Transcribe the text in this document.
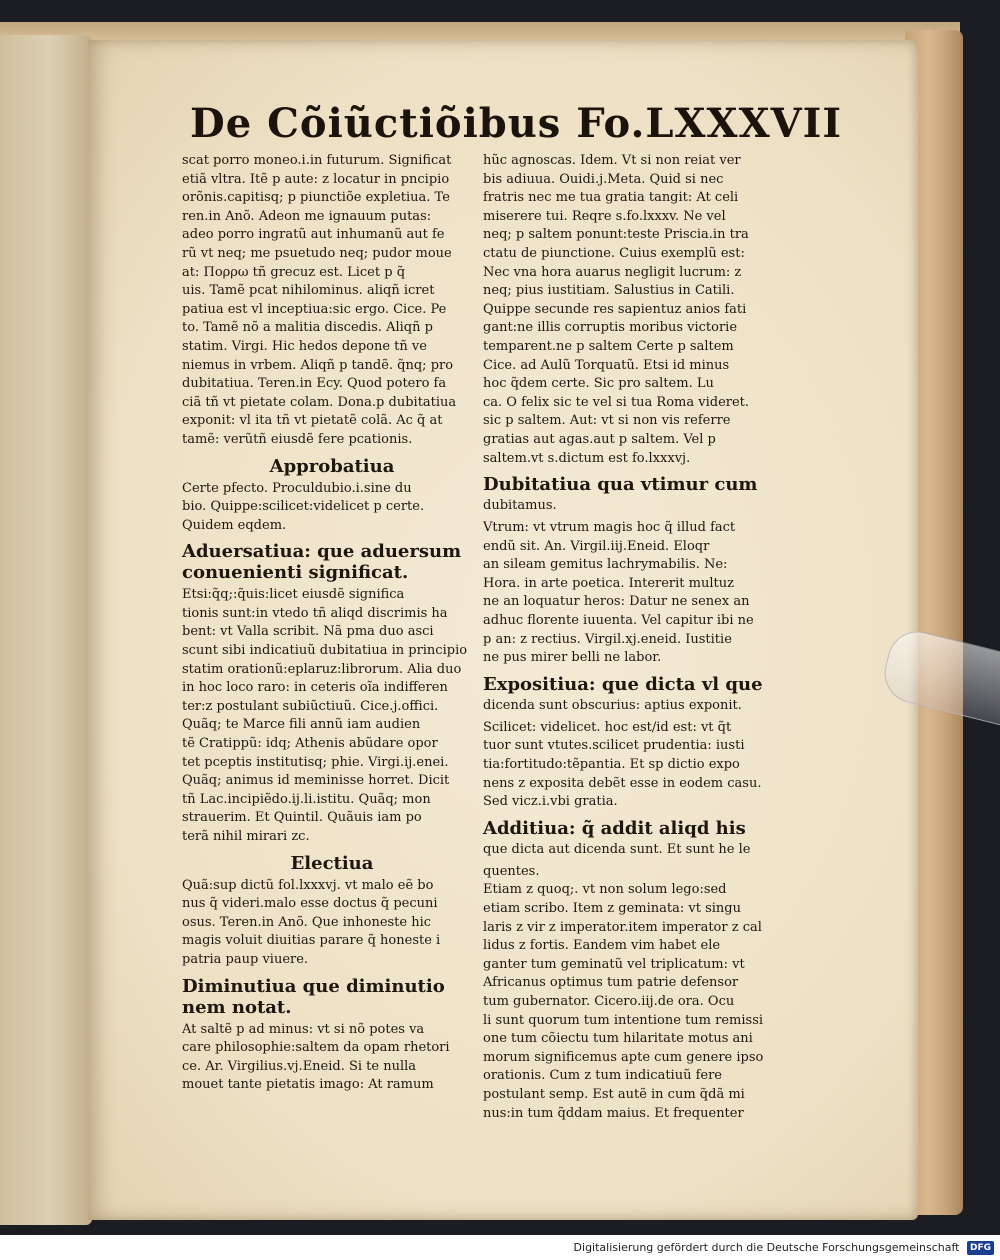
De Cõiũctiõibus Fo.LXXXVII
scat porro moneo.i.in futurum. Significat
etiã vltra. Itẽ p aute: z locatur in pncipio
orõnis.capitisq; p piunctiõe expletiua. Te
ren.in Anõ. Adeon me ignauum putas:
adeo porro ingratũ aut inhumanũ aut fe
rũ vt neq; me psuetudo neq; pudor moue
at: Πορρω tñ grecuz est. Licet p q̃
uis. Tamẽ pcat nihilominus. aliqñ icret
patiua est vl inceptiua:sic ergo. Cice. Pe
to. Tamẽ nõ a malitia discedis. Aliqñ p
statim. Virgi. Hic hedos depone tñ ve
niemus in vrbem. Aliqñ p tandẽ. q̃nq; pro
dubitatiua. Teren.in Ecy. Quod potero fa
ciã tñ vt pietate colam. Dona.p dubitatiua
exponit: vl ita tñ vt pietatẽ colã. Ac q̃ at
tamẽ: verũtñ eiusdẽ fere pcationis.
Approbatiua
Certe pfecto. Proculdubio.i.sine du
bio. Quippe:scilicet:videlicet p certe.
Quidem eqdem.
Aduersatiua: que aduersum
conuenienti significat.
Etsi:q̃q;:q̃uis:licet eiusdẽ significa
tionis sunt:in vtedo tñ aliqd discrimis ha
bent: vt Valla scribit. Nã pma duo asci
scunt sibi indicatiuũ dubitatiua in principio
statim orationũ:eplaruz:librorum. Alia duo
in hoc loco raro: in ceteris oĩa indifferen
ter:z postulant subiũctiuũ. Cice.j.offici.
Quãq; te Marce fili annũ iam audien
tẽ Cratippũ: idq; Athenis abũdare opor
tet pceptis institutisq; phie. Virgi.ij.enei.
Quãq; animus id meminisse horret. Dicit
tñ Lac.incipiẽdo.ij.li.istitu. Quãq; mon
strauerim. Et Quintil. Quãuis iam po
terã nihil mirari zc.
Electiua
Quã:sup dictũ fol.lxxxvj. vt malo eẽ bo
nus q̃ videri.malo esse doctus q̃ pecuni
osus. Teren.in Anõ. Que inhoneste hic
magis voluit diuitias parare q̃ honeste i
patria paup viuere.
Diminutiua que diminutio
nem notat.
At saltẽ p ad minus: vt si nõ potes va
care philosophie:saltem da opam rhetori
ce. Ar. Virgilius.vj.Eneid. Si te nulla
mouet tante pietatis imago: At ramum
hũc agnoscas. Idem. Vt si non reiat ver
bis adiuua. Ouidi.j.Meta. Quid si nec
fratris nec me tua gratia tangit: At celi
miserere tui. Reqre s.fo.lxxxv. Ne vel
neq; p saltem ponunt:teste Priscia.in tra
ctatu de piunctione. Cuius exemplũ est:
Nec vna hora auarus negligit lucrum: z
neq; pius iustitiam. Salustius in Catili.
Quippe secunde res sapientuz anios fati
gant:ne illis corruptis moribus victorie
temparent.ne p saltem Certe p saltem
Cice. ad Aulũ Torquatũ. Etsi id minus
hoc q̃dem certe. Sic pro saltem. Lu
ca. O felix sic te vel si tua Roma videret.
sic p saltem. Aut: vt si non vis referre
gratias aut agas.aut p saltem. Vel p
saltem.vt s.dictum est fo.lxxxvj.
Dubitatiua qua vtimur cum
dubitamus.
Vtrum: vt vtrum magis hoc q̃ illud fact
endũ sit. An. Virgil.iij.Eneid. Eloqr
an sileam gemitus lachrymabilis. Ne:
Hora. in arte poetica. Intererit multuz
ne an loquatur heros: Datur ne senex an
adhuc florente iuuenta. Vel capitur ibi ne
p an: z rectius. Virgil.xj.eneid. Iustitie
ne pus mirer belli ne labor.
Expositiua: que dicta vl que
dicenda sunt obscurius: aptius exponit.
Scilicet: videlicet. hoc est/id est: vt q̃t
tuor sunt vtutes.scilicet prudentia: iusti
tia:fortitudo:tẽpantia. Et sp dictio expo
nens z exposita debẽt esse in eodem casu.
Sed vicz.i.vbi gratia.
Additiua: q̃ addit aliqd his
que dicta aut dicenda sunt. Et sunt he le
quentes.
Etiam z quoq;. vt non solum lego:sed
etiam scribo. Item z geminata: vt singu
laris z vir z imperator.item imperator z cal
lidus z fortis. Eandem vim habet ele
ganter tum geminatũ vel triplicatum: vt
Africanus optimus tum patrie defensor
tum gubernator. Cicero.iij.de ora. Ocu
li sunt quorum tum intentione tum remissi
one tum cõiectu tum hilaritate motus ani
morum significemus apte cum genere ipso
orationis. Cum z tum indicatiuũ fere
postulant semp. Est autẽ in cum q̃dã mi
nus:in tum q̃ddam maius. Et frequenter
Digitalisierung gefördert durch die Deutsche Forschungsgemeinschaft DFG
